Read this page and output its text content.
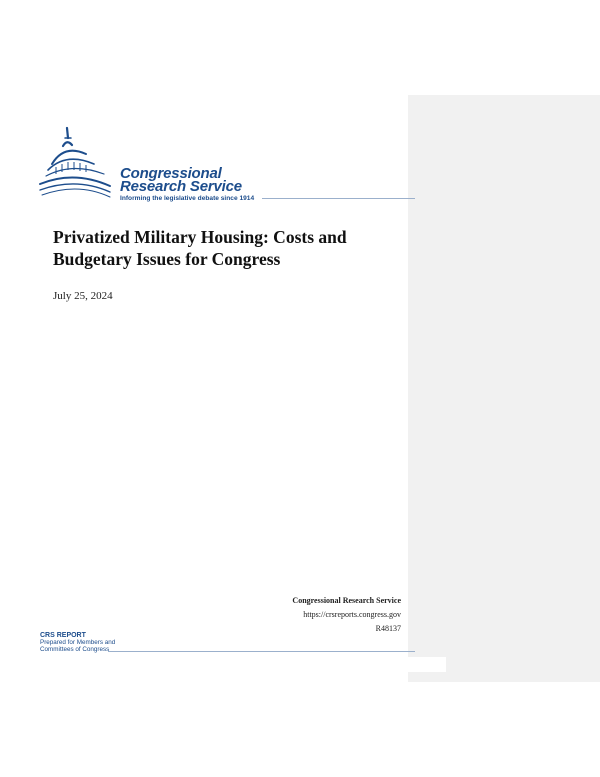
Congressional
Research Service
Informing the legislative debate since 1914
Privatized Military Housing: Costs and Budgetary Issues for Congress
July 25, 2024
Congressional Research Service
https://crsreports.congress.gov
R48137
CRS REPORT
Prepared for Members and
Committees of Congress
